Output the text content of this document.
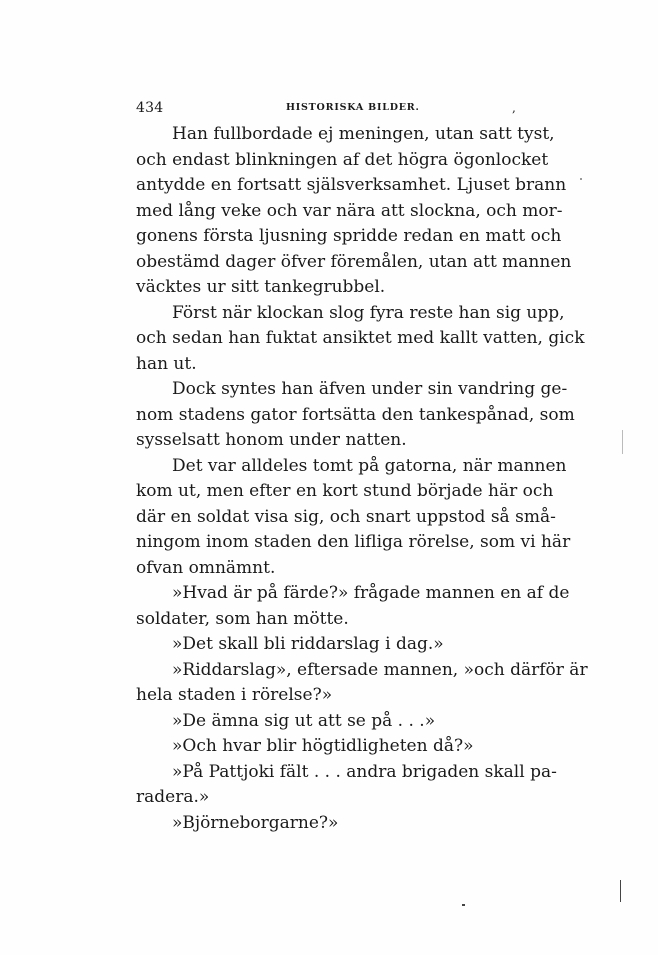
434	HISTORISKA BILDER.	,
Han fullbordade ej meningen, utan satt tyst,
och endast blinkningen af det högra ögonlocket
antydde en fortsatt själsverksamhet. Ljuset brann
med lång veke och var nära att slockna, och mor-
gonens första ljusning spridde redan en matt och
obestämd dager öfver föremålen, utan att mannen
väcktes ur sitt tankegrubbel.
Först när klockan slog fyra reste han sig upp,
och sedan han fuktat ansiktet med kallt vatten, gick
han ut.
Dock syntes han äfven under sin vandring ge-
nom stadens gator fortsätta den tankespånad, som
sysselsatt honom under natten.
Det var alldeles tomt på gatorna, när mannen
kom ut, men efter en kort stund började här och
där en soldat visa sig, och snart uppstod så små-
ningom inom staden den lifliga rörelse, som vi här
ofvan omnämnt.
»Hvad är på färde?» frågade mannen en af de
soldater, som han mötte.
»Det skall bli riddarslag i dag.»
»Riddarslag», eftersade mannen, »och därför är
hela staden i rörelse?»
»De ämna sig ut att se på . . .»
»Och hvar blir högtidligheten då?»
»På Pattjoki fält . . . andra brigaden skall pa-
radera.»
»Björneborgarne?»
